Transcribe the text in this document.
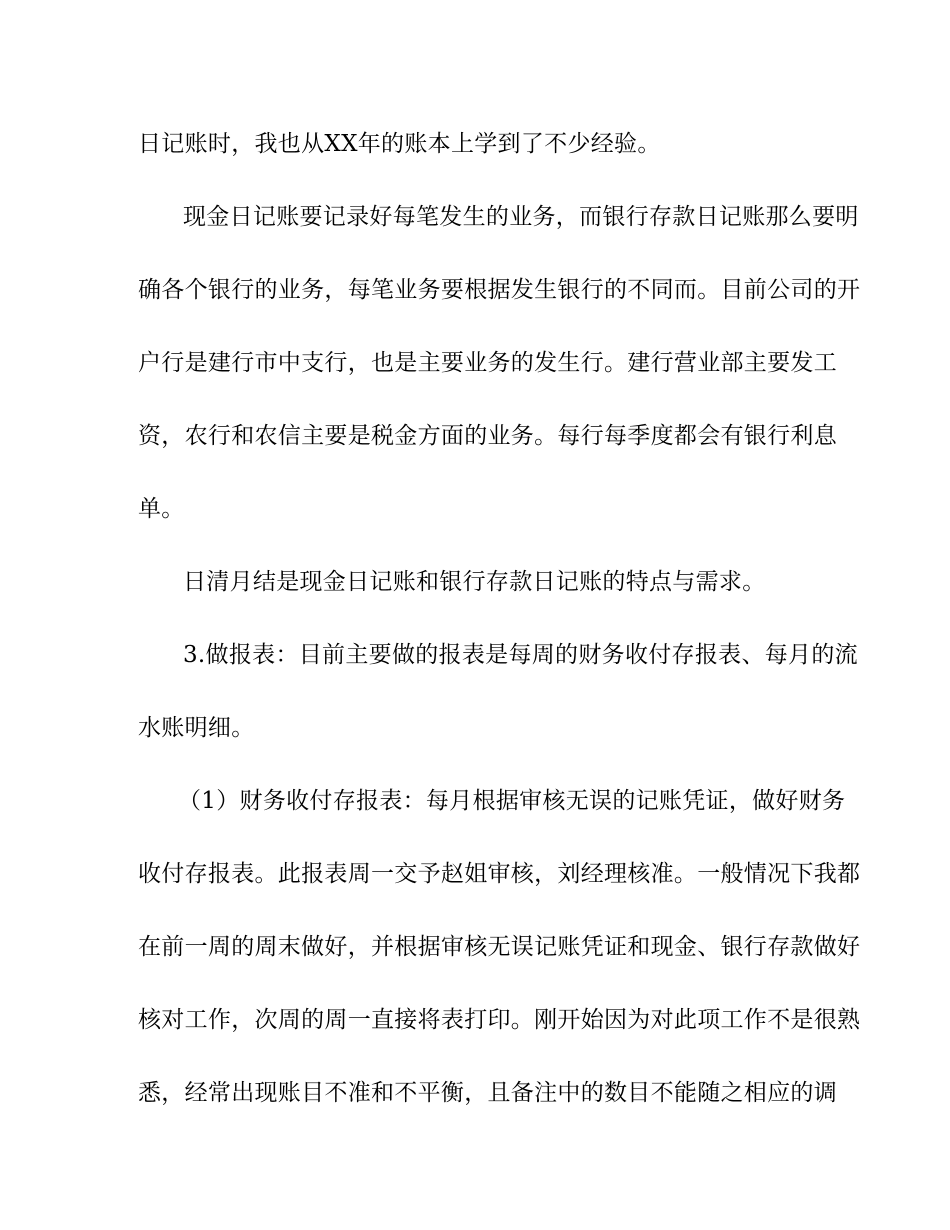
日记账时，我也从XX年的账本上学到了不少经验。
现金日记账要记录好每笔发生的业务，而银行存款日记账那么要明
确各个银行的业务，每笔业务要根据发生银行的不同而。目前公司的开
户行是建行市中支行，也是主要业务的发生行。建行营业部主要发工
资，农行和农信主要是税金方面的业务。每行每季度都会有银行利息
单。
日清月结是现金日记账和银行存款日记账的特点与需求。
3.做报表：目前主要做的报表是每周的财务收付存报表、每月的流
水账明细。
（1）财务收付存报表：每月根据审核无误的记账凭证，做好财务
收付存报表。此报表周一交予赵姐审核，刘经理核准。一般情况下我都
在前一周的周末做好，并根据审核无误记账凭证和现金、银行存款做好
核对工作，次周的周一直接将表打印。刚开始因为对此项工作不是很熟
悉，经常出现账目不准和不平衡，且备注中的数目不能随之相应的调
